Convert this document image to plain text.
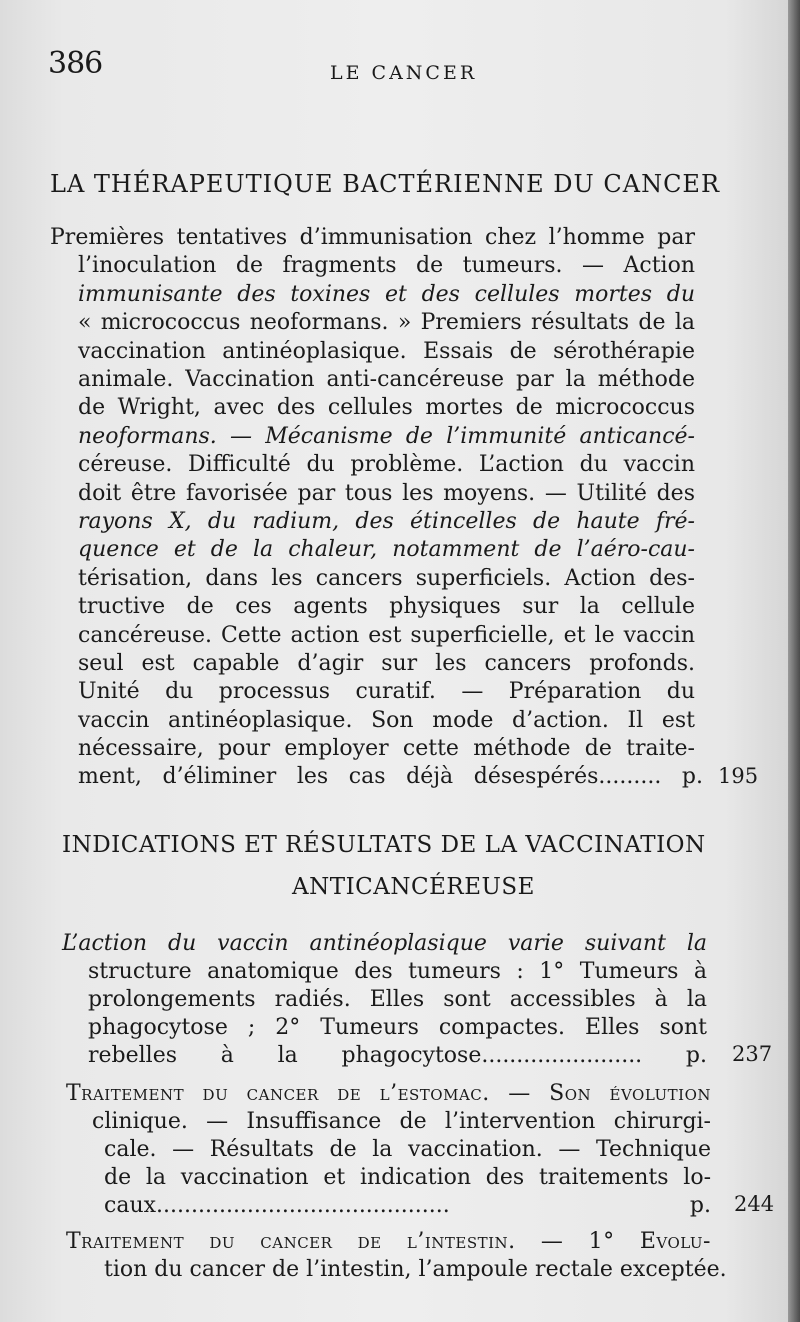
386	LE CANCER
LA THÉRAPEUTIQUE BACTÉRIENNE DU CANCER

Premières tentatives d’immunisation chez l’homme par

l’inoculation de fragments de tumeurs. — Action

immunisante des toxines et des cellules mortes du

« micrococcus neoformans. » Premiers résultats de la

vaccination antinéoplasique. Essais de sérothérapie

animale. Vaccination anti-cancéreuse par la méthode

de Wright, avec des cellules mortes de micrococcus

neoformans. — Mécanisme de l’immunité anticancé-

céreuse. Difficulté du problème. L’action du vaccin

doit être favorisée par tous les moyens. — Utilité des

rayons X, du radium, des étincelles de haute fré-

quence et de la chaleur, notamment de l’aéro-cau-

térisation, dans les cancers superficiels. Action des-

tructive de ces agents physiques sur la cellule

cancéreuse. Cette action est superficielle, et le vaccin

seul est capable d’agir sur les cancers profonds.

Unité du processus curatif. — Préparation du

vaccin antinéoplasique. Son mode d’action. Il est

nécessaire, pour employer cette méthode de traite-

ment, d’éliminer les cas déjà désespérés......... p. 195
INDICATIONS ET RÉSULTATS DE LA VACCINATION
ANTICANCÉREUSE

L’action du vaccin antinéoplasique varie suivant la

structure anatomique des tumeurs : 1° Tumeurs à

prolongements radiés. Elles sont accessibles à la

phagocytose ; 2° Tumeurs compactes. Elles sont

rebelles à la phagocytose....................... p. 237

Traitement du cancer de l’estomac. — Son évolution

clinique. — Insuffisance de l’intervention chirurgi-

cale. — Résultats de la vaccination. — Technique

de la vaccination et indication des traitements lo-

caux.......................................... p. 244

Traitement du cancer de l’intestin. — 1° Evolu-

tion du cancer de l’intestin, l’ampoule rectale exceptée.
